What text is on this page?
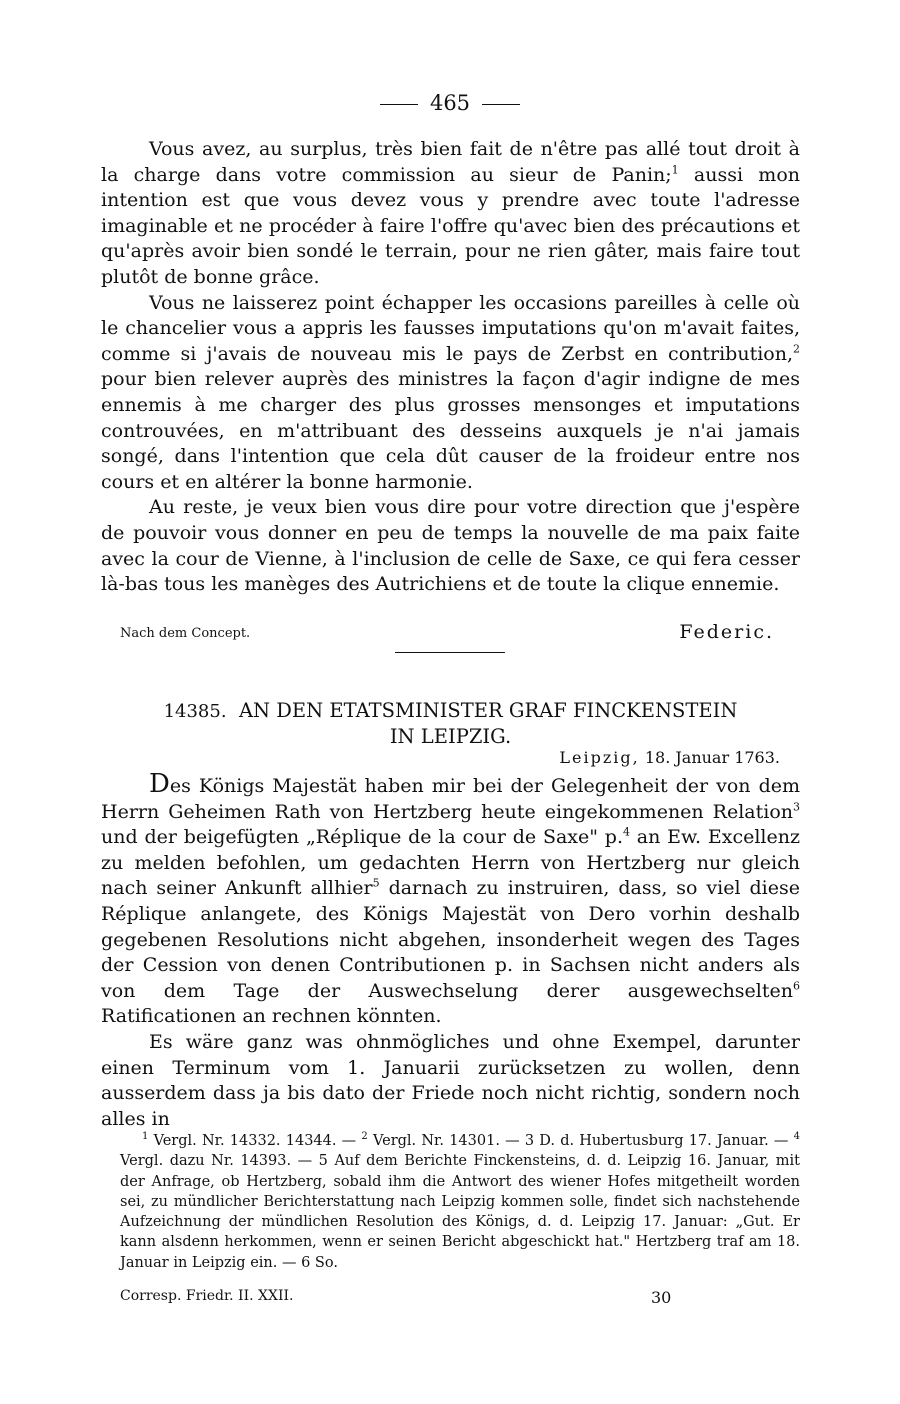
465

Vous avez, au surplus, très bien fait de n'être pas allé tout droit à la charge dans votre commission au sieur de Panin;$^1$ aussi mon intention est que vous devez vous y prendre avec toute l'adresse imaginable et ne procéder à faire l'offre qu'avec bien des précautions et qu'après avoir bien sondé le terrain, pour ne rien gâter, mais faire tout plutôt de bonne grâce.

Vous ne laisserez point échapper les occasions pareilles à celle où le chancelier vous a appris les fausses imputations qu'on m'avait faites, comme si j'avais de nouveau mis le pays de Zerbst en contribution,$^2$ pour bien relever auprès des ministres la façon d'agir indigne de mes ennemis à me charger des plus grosses mensonges et imputations controuvées, en m'attribuant des desseins auxquels je n'ai jamais songé, dans l'intention que cela dût causer de la froideur entre nos cours et en altérer la bonne harmonie.

Au reste, je veux bien vous dire pour votre direction que j'espère de pouvoir vous donner en peu de temps la nouvelle de ma paix faite avec la cour de Vienne, à l'inclusion de celle de Saxe, ce qui fera cesser là-bas tous les manèges des Autrichiens et de toute la clique ennemie.

Nach dem Concept.	Federic.
14385. AN DEN ETATSMINISTER GRAF FINCKENSTEIN
IN LEIPZIG.
Leipzig, 18. Januar 1763.

Des Königs Majestät haben mir bei der Gelegenheit der von dem Herrn Geheimen Rath von Hertzberg heute eingekommenen Relation$^3$ und der beigefügten „Réplique de la cour de Saxe" p.$^4$ an Ew. Excellenz zu melden befohlen, um gedachten Herrn von Hertzberg nur gleich nach seiner Ankunft allhier$^5$ darnach zu instruiren, dass, so viel diese Réplique anlangete, des Königs Majestät von Dero vorhin deshalb gegebenen Resolutions nicht abgehen, insonderheit wegen des Tages der Cession von denen Contributionen p. in Sachsen nicht anders als von dem Tage der Auswechselung derer ausgewechselten$^6$ Ratificationen an rechnen könnten.

Es wäre ganz was ohnmögliches und ohne Exempel, darunter einen Terminum vom 1. Januarii zurücksetzen zu wollen, denn ausserdem dass ja bis dato der Friede noch nicht richtig, sondern noch alles in

$^1$ Vergl. Nr. 14332. 14344. — $^2$ Vergl. Nr. 14301. — 3 D. d. Hubertusburg 17. Januar. — $^4$ Vergl. dazu Nr. 14393. — 5 Auf dem Berichte Finckensteins, d. d. Leipzig 16. Januar, mit der Anfrage, ob Hertzberg, sobald ihm die Antwort des wiener Hofes mitgetheilt worden sei, zu mündlicher Berichterstattung nach Leipzig kommen solle, findet sich nachstehende Aufzeichnung der mündlichen Resolution des Königs, d. d. Leipzig 17. Januar: „Gut. Er kann alsdenn herkommen, wenn er seinen Bericht abgeschickt hat." Hertzberg traf am 18. Januar in Leipzig ein. — 6 So.
Corresp. Friedr. II. XXII.	30
